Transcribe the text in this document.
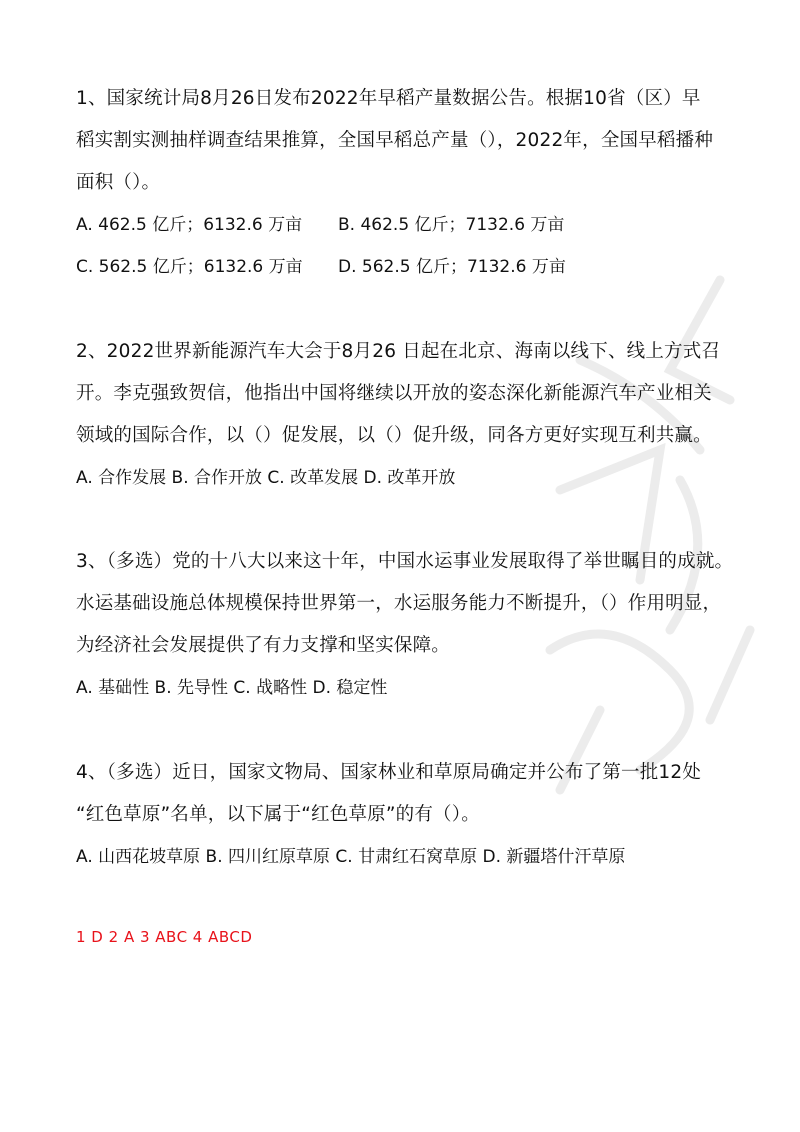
1、国家统计局8月26日发布2022年早稻产量数据公告。根据10省（区）早
稻实割实测抽样调查结果推算，全国早稻总产量（），2022年，全国早稻播种
面积（）。
A. 462.5 亿斤；6132.6 万亩 B. 462.5 亿斤；7132.6 万亩
C. 562.5 亿斤；6132.6 万亩 D. 562.5 亿斤；7132.6 万亩
2、2022世界新能源汽车大会于8月26 日起在北京、海南以线下、线上方式召
开。李克强致贺信，他指出中国将继续以开放的姿态深化新能源汽车产业相关
领域的国际合作，以（）促发展，以（）促升级，同各方更好实现互利共赢。
A. 合作发展 B. 合作开放 C. 改革发展 D. 改革开放
3、（多选）党的十八大以来这十年，中国水运事业发展取得了举世瞩目的成就。
水运基础设施总体规模保持世界第一，水运服务能力不断提升，（）作用明显，
为经济社会发展提供了有力支撑和坚实保障。
A. 基础性 B. 先导性 C. 战略性 D. 稳定性
4、（多选）近日，国家文物局、国家林业和草原局确定并公布了第一批12处
“红色草原”名单，以下属于“红色草原”的有（）。
A. 山西花坡草原 B. 四川红原草原 C. 甘肃红石窝草原 D. 新疆塔什汗草原
1 D 2 A 3 ABC 4 ABCD
